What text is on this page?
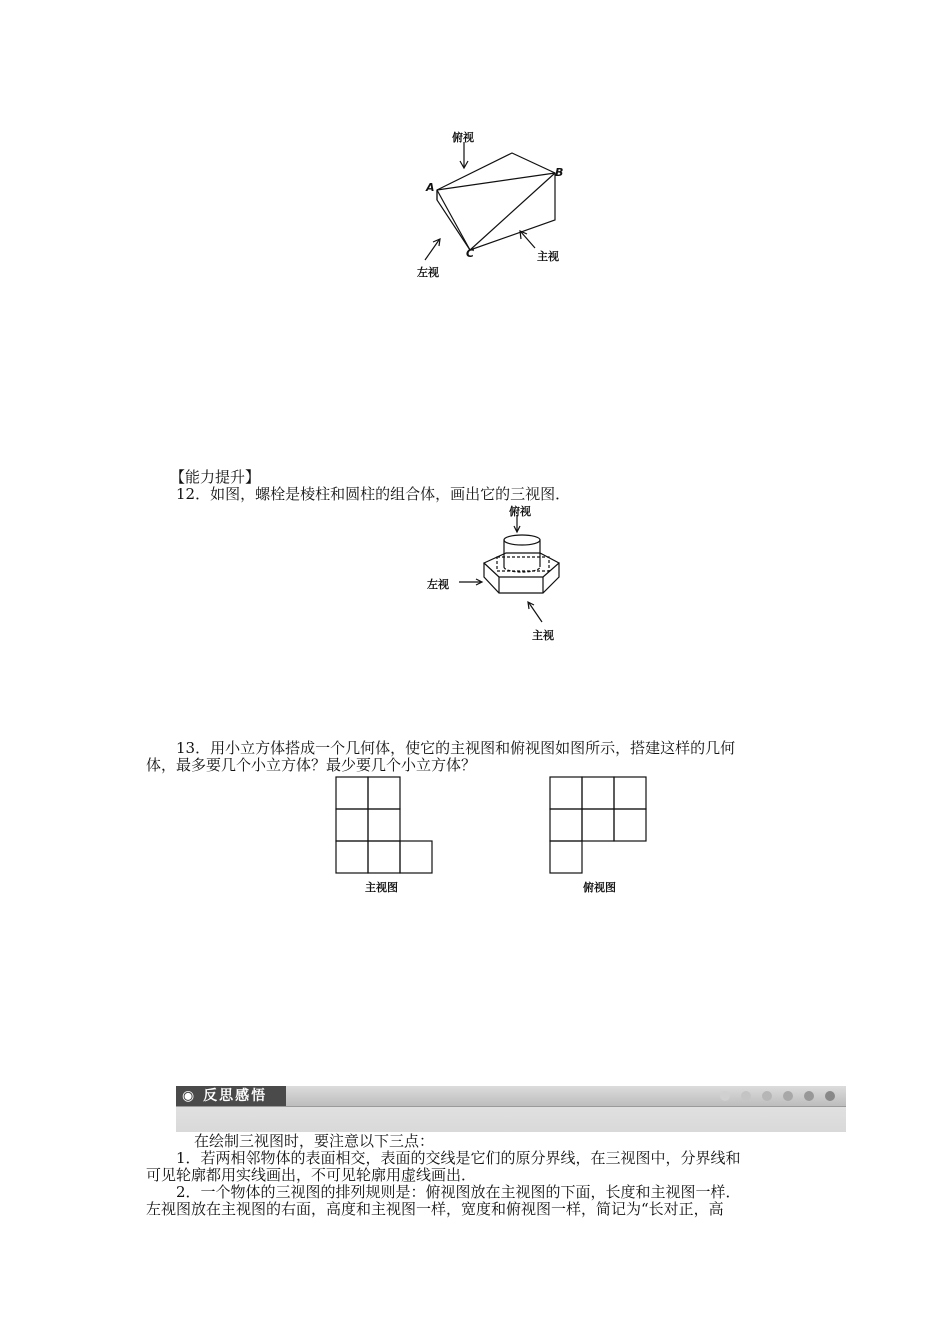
俯视
左视
主视
A
B
C
【能力提升】
12．如图，螺栓是棱柱和圆柱的组合体，画出它的三视图．
俯视
左视
主视
13．用小立方体搭成一个几何体，使它的主视图和俯视图如图所示，搭建这样的几何
体，最多要几个小立方体？最少要几个小立方体？
主视图	俯视图
◉ 反思感悟
在绘制三视图时，要注意以下三点：
1．若两相邻物体的表面相交，表面的交线是它们的原分界线，在三视图中，分界线和
可见轮廓都用实线画出，不可见轮廓用虚线画出．
2．一个物体的三视图的排列规则是：俯视图放在主视图的下面，长度和主视图一样．
左视图放在主视图的右面，高度和主视图一样，宽度和俯视图一样，简记为“长对正，高
